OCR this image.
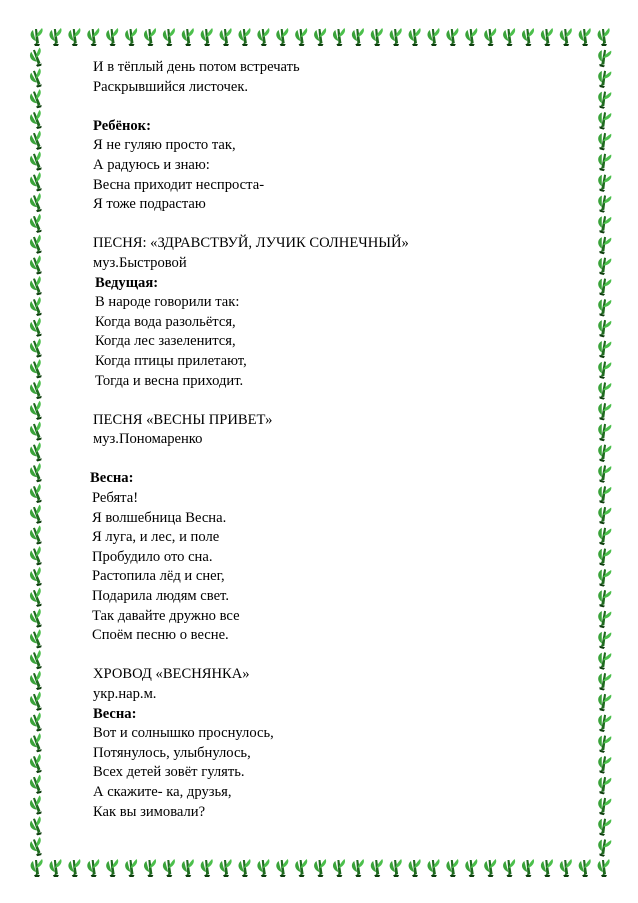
И в тёплый день потом встречать
Раскрывшийся листочек.
Ребёнок:
Я не гуляю просто так,
А радуюсь и знаю:
Весна приходит неспроста-
Я тоже подрастаю
ПЕСНЯ: «ЗДРАВСТВУЙ, ЛУЧИК СОЛНЕЧНЫЙ»
муз.Быстровой
Ведущая:
В народе говорили так:
Когда вода разольётся,
Когда лес зазеленится,
Когда птицы прилетают,
Тогда и весна приходит.
ПЕСНЯ «ВЕСНЫ ПРИВЕТ»
муз.Пономаренко
Весна:
Ребята!
Я волшебница Весна.
Я луга, и лес, и поле
Пробудило ото сна.
Растопила лёд и снег,
Подарила людям свет.
Так давайте дружно все
Споём песню о весне.
ХРОВОД «ВЕСНЯНКА»
укр.нар.м.
Весна:
Вот и солнышко проснулось,
Потянулось, улыбнулось,
Всех детей зовёт гулять.
А скажите- ка, друзья,
Как вы зимовали?
